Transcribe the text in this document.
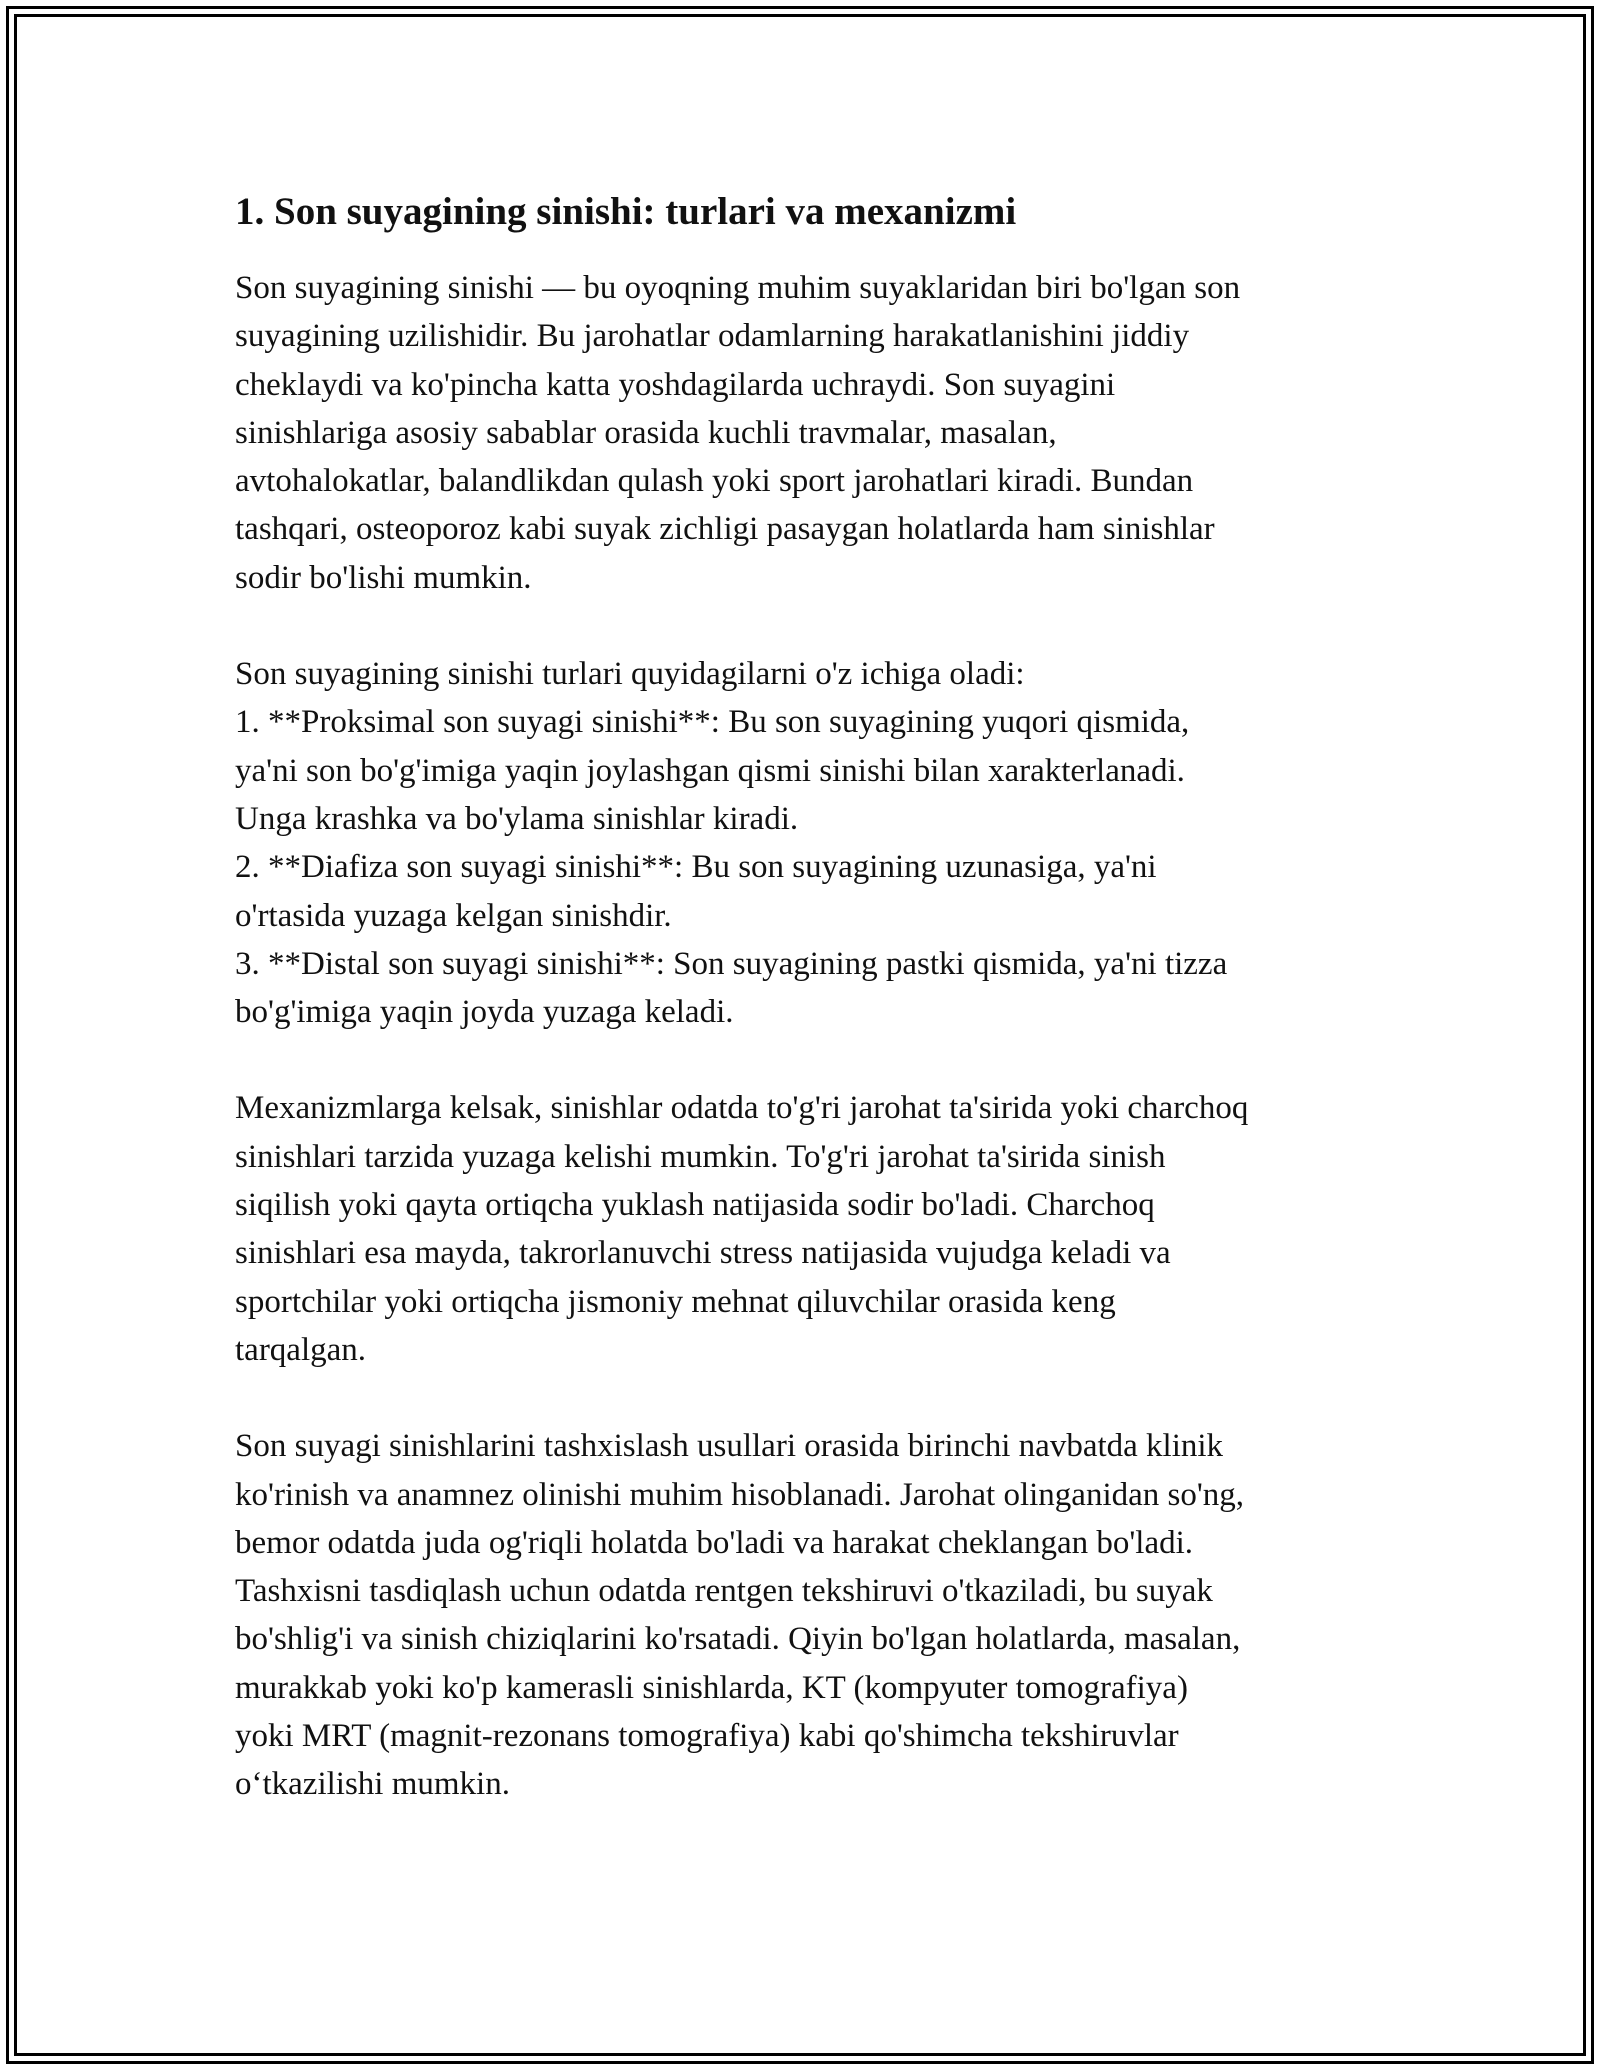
1. Son suyagining sinishi: turlari va mexanizmi
Son suyagining sinishi — bu oyoqning muhim suyaklaridan biri bo'lgan son
suyagining uzilishidir. Bu jarohatlar odamlarning harakatlanishini jiddiy
cheklaydi va ko'pincha katta yoshdagilarda uchraydi. Son suyagini
sinishlariga asosiy sabablar orasida kuchli travmalar, masalan,
avtohalokatlar, balandlikdan qulash yoki sport jarohatlari kiradi. Bundan
tashqari, osteoporoz kabi suyak zichligi pasaygan holatlarda ham sinishlar
sodir bo'lishi mumkin.
Son suyagining sinishi turlari quyidagilarni o'z ichiga oladi:
1. **Proksimal son suyagi sinishi**: Bu son suyagining yuqori qismida,
ya'ni son bo'g'imiga yaqin joylashgan qismi sinishi bilan xarakterlanadi.
Unga krashka va bo'ylama sinishlar kiradi.
2. **Diafiza son suyagi sinishi**: Bu son suyagining uzunasiga, ya'ni
o'rtasida yuzaga kelgan sinishdir.
3. **Distal son suyagi sinishi**: Son suyagining pastki qismida, ya'ni tizza
bo'g'imiga yaqin joyda yuzaga keladi.
Mexanizmlarga kelsak, sinishlar odatda to'g'ri jarohat ta'sirida yoki charchoq
sinishlari tarzida yuzaga kelishi mumkin. To'g'ri jarohat ta'sirida sinish
siqilish yoki qayta ortiqcha yuklash natijasida sodir bo'ladi. Charchoq
sinishlari esa mayda, takrorlanuvchi stress natijasida vujudga keladi va
sportchilar yoki ortiqcha jismoniy mehnat qiluvchilar orasida keng
tarqalgan.
Son suyagi sinishlarini tashxislash usullari orasida birinchi navbatda klinik
ko'rinish va anamnez olinishi muhim hisoblanadi. Jarohat olinganidan so'ng,
bemor odatda juda og'riqli holatda bo'ladi va harakat cheklangan bo'ladi.
Tashxisni tasdiqlash uchun odatda rentgen tekshiruvi o'tkaziladi, bu suyak
bo'shlig'i va sinish chiziqlarini ko'rsatadi. Qiyin bo'lgan holatlarda, masalan,
murakkab yoki ko'p kamerasli sinishlarda, KT (kompyuter tomografiya)
yoki MRT (magnit-rezonans tomografiya) kabi qo'shimcha tekshiruvlar
o‘tkazilishi mumkin.
